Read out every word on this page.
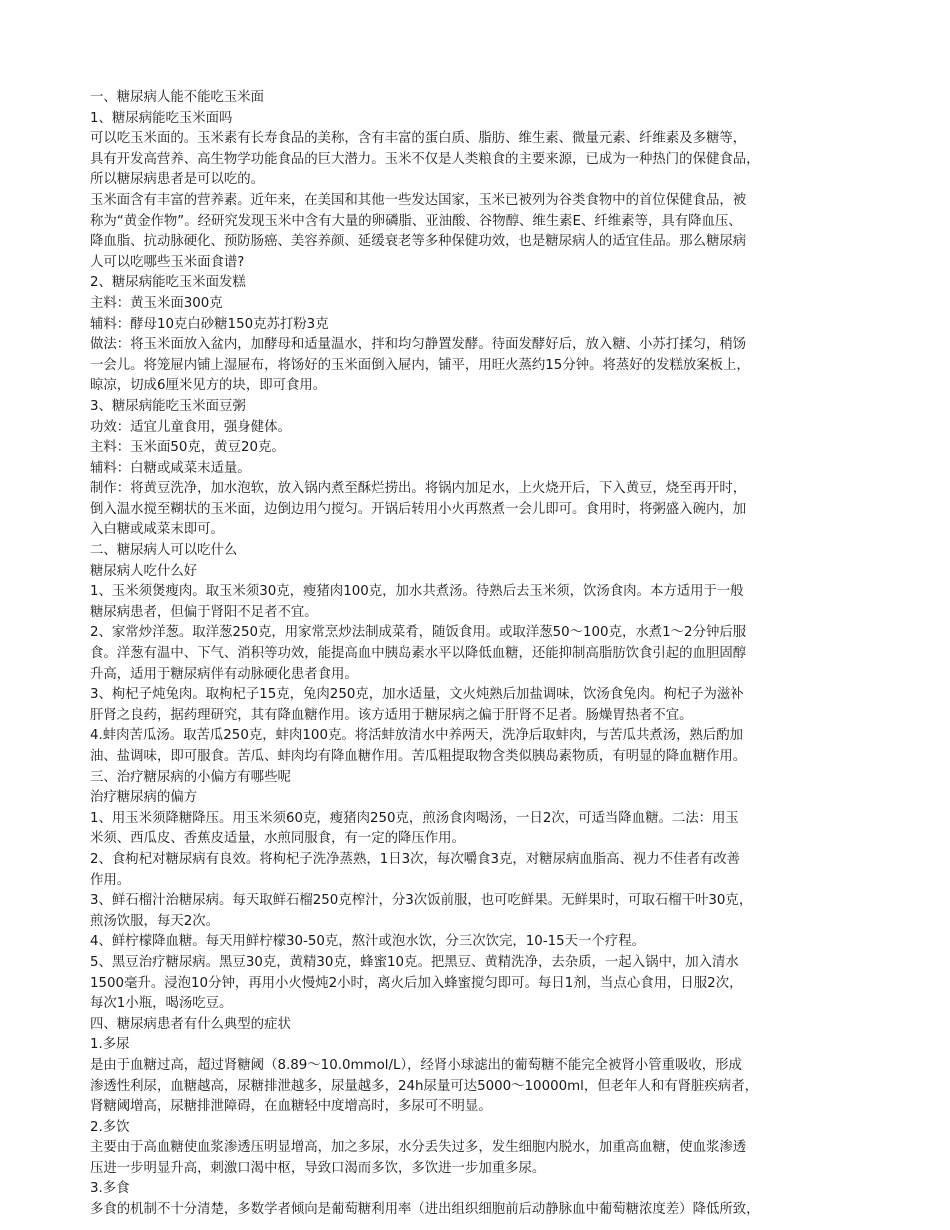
一、糖尿病人能不能吃玉米面
1、糖尿病能吃玉米面吗
可以吃玉米面的。玉米素有长寿食品的美称，含有丰富的蛋白质、脂肪、维生素、微量元素、纤维素及多糖等，
具有开发高营养、高生物学功能食品的巨大潜力。玉米不仅是人类粮食的主要来源，已成为一种热门的保健食品，
所以糖尿病患者是可以吃的。
玉米面含有丰富的营养素。近年来，在美国和其他一些发达国家，玉米已被列为谷类食物中的首位保健食品，被
称为“黄金作物”。经研究发现玉米中含有大量的卵磷脂、亚油酸、谷物醇、维生素E、纤维素等，具有降血压、
降血脂、抗动脉硬化、预防肠癌、美容养颜、延缓衰老等多种保健功效，也是糖尿病人的适宜佳品。那么糖尿病
人可以吃哪些玉米面食谱?
2、糖尿病能吃玉米面发糕
主料：黄玉米面300克
辅料：酵母10克白砂糖150克苏打粉3克
做法：将玉米面放入盆内，加酵母和适量温水，拌和均匀静置发酵。待面发酵好后，放入糖、小苏打揉匀，稍饧
一会儿。将笼屉内铺上湿屉布，将饧好的玉米面倒入屉内，铺平，用旺火蒸约15分钟。将蒸好的发糕放案板上，
晾凉，切成6厘米见方的块，即可食用。
3、糖尿病能吃玉米面豆粥
功效：适宜儿童食用，强身健体。
主料：玉米面50克，黄豆20克。
辅料：白糖或咸菜末适量。
制作：将黄豆洗净，加水泡软，放入锅内煮至酥烂捞出。将锅内加足水，上火烧开后，下入黄豆，烧至再开时，
倒入温水搅至糊状的玉米面，边倒边用勺搅匀。开锅后转用小火再熬煮一会儿即可。食用时，将粥盛入碗内，加
入白糖或咸菜末即可。
二、糖尿病人可以吃什么
糖尿病人吃什么好
1、玉米须煲瘦肉。取玉米须30克，瘦猪肉100克，加水共煮汤。待熟后去玉米须，饮汤食肉。本方适用于一般
糖尿病患者，但偏于肾阳不足者不宜。
2、家常炒洋葱。取洋葱250克，用家常烹炒法制成菜肴，随饭食用。或取洋葱50～100克，水煮1～2分钟后服
食。洋葱有温中、下气、消积等功效，能提高血中胰岛素水平以降低血糖，还能抑制高脂肪饮食引起的血胆固醇
升高，适用于糖尿病伴有动脉硬化患者食用。
3、枸杞子炖兔肉。取枸杞子15克，兔肉250克，加水适量，文火炖熟后加盐调味，饮汤食兔肉。枸杞子为滋补
肝肾之良药，据药理研究，其有降血糖作用。该方适用于糖尿病之偏于肝肾不足者。肠燥胃热者不宜。
4.蚌肉苦瓜汤。取苦瓜250克，蚌肉100克。将活蚌放清水中养两天，洗净后取蚌肉，与苦瓜共煮汤，熟后酌加
油、盐调味，即可服食。苦瓜、蚌肉均有降血糖作用。苦瓜粗提取物含类似胰岛素物质，有明显的降血糖作用。
三、治疗糖尿病的小偏方有哪些呢
治疗糖尿病的偏方
1、用玉米须降糖降压。用玉米须60克，瘦猪肉250克，煎汤食肉喝汤，一日2次，可适当降血糖。二法：用玉
米须、西瓜皮、香蕉皮适量，水煎同服食，有一定的降压作用。
2、食枸杞对糖尿病有良效。将枸杞子洗净蒸熟，1日3次，每次嚼食3克，对糖尿病血脂高、视力不佳者有改善
作用。
3、鲜石榴汁治糖尿病。每天取鲜石榴250克榨汁，分3次饭前服，也可吃鲜果。无鲜果时，可取石榴干叶30克，
煎汤饮服，每天2次。
4、鲜柠檬降血糖。每天用鲜柠檬30-50克，熬汁或泡水饮，分三次饮完，10-15天一个疗程。
5、黑豆治疗糖尿病。黑豆30克，黄精30克，蜂蜜10克。把黑豆、黄精洗净，去杂质，一起入锅中，加入清水
1500毫升。浸泡10分钟，再用小火慢炖2小时，离火后加入蜂蜜搅匀即可。每日1剂，当点心食用，日服2次，
每次1小瓶，喝汤吃豆。
四、糖尿病患者有什么典型的症状
1.多尿
是由于血糖过高，超过肾糖阈（8.89～10.0mmol/L），经肾小球滤出的葡萄糖不能完全被肾小管重吸收，形成
渗透性利尿，血糖越高，尿糖排泄越多，尿量越多，24h尿量可达5000～10000ml，但老年人和有肾脏疾病者，
肾糖阈增高，尿糖排泄障碍，在血糖轻中度增高时，多尿可不明显。
2.多饮
主要由于高血糖使血浆渗透压明显增高，加之多尿，水分丢失过多，发生细胞内脱水，加重高血糖，使血浆渗透
压进一步明显升高，刺激口渴中枢，导致口渴而多饮，多饮进一步加重多尿。
3.多食
多食的机制不十分清楚，多数学者倾向是葡萄糖利用率（进出组织细胞前后动静脉血中葡萄糖浓度差）降低所致，
